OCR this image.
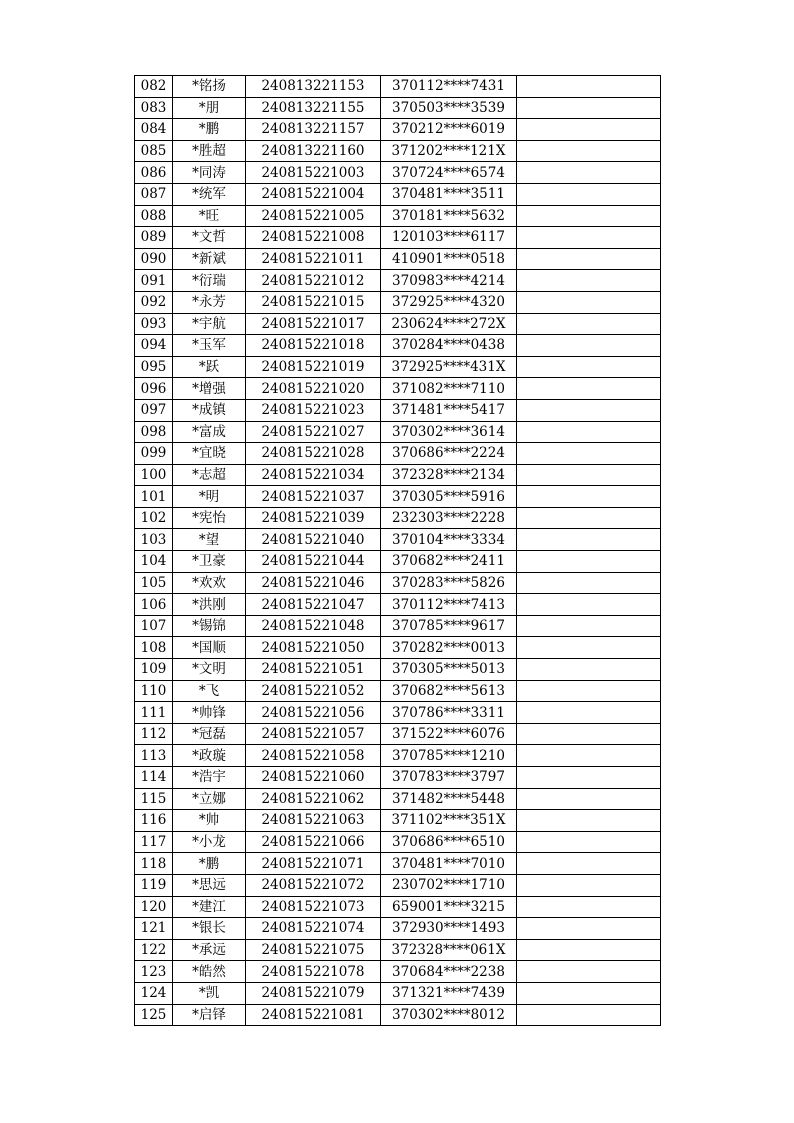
082	*铭扬	240813221153	370112****7431	
083	*朋	240813221155	370503****3539	
084	*鹏	240813221157	370212****6019	
085	*胜超	240813221160	371202****121X	
086	*同涛	240815221003	370724****6574	
087	*统军	240815221004	370481****3511	
088	*旺	240815221005	370181****5632	
089	*文哲	240815221008	120103****6117	
090	*新斌	240815221011	410901****0518	
091	*衍瑞	240815221012	370983****4214	
092	*永芳	240815221015	372925****4320	
093	*宇航	240815221017	230624****272X	
094	*玉军	240815221018	370284****0438	
095	*跃	240815221019	372925****431X	
096	*增强	240815221020	371082****7110	
097	*成镇	240815221023	371481****5417	
098	*富成	240815221027	370302****3614	
099	*宜晓	240815221028	370686****2224	
100	*志超	240815221034	372328****2134	
101	*明	240815221037	370305****5916	
102	*宪怡	240815221039	232303****2228	
103	*望	240815221040	370104****3334	
104	*卫豪	240815221044	370682****2411	
105	*欢欢	240815221046	370283****5826	
106	*洪刚	240815221047	370112****7413	
107	*锡锦	240815221048	370785****9617	
108	*国顺	240815221050	370282****0013	
109	*文明	240815221051	370305****5013	
110	*飞	240815221052	370682****5613	
111	*帅锋	240815221056	370786****3311	
112	*冠磊	240815221057	371522****6076	
113	*政璇	240815221058	370785****1210	
114	*浩宇	240815221060	370783****3797	
115	*立娜	240815221062	371482****5448	
116	*帅	240815221063	371102****351X	
117	*小龙	240815221066	370686****6510	
118	*鹏	240815221071	370481****7010	
119	*思远	240815221072	230702****1710	
120	*建江	240815221073	659001****3215	
121	*银长	240815221074	372930****1493	
122	*承远	240815221075	372328****061X	
123	*皓然	240815221078	370684****2238	
124	*凯	240815221079	371321****7439	
125	*启铎	240815221081	370302****8012	
